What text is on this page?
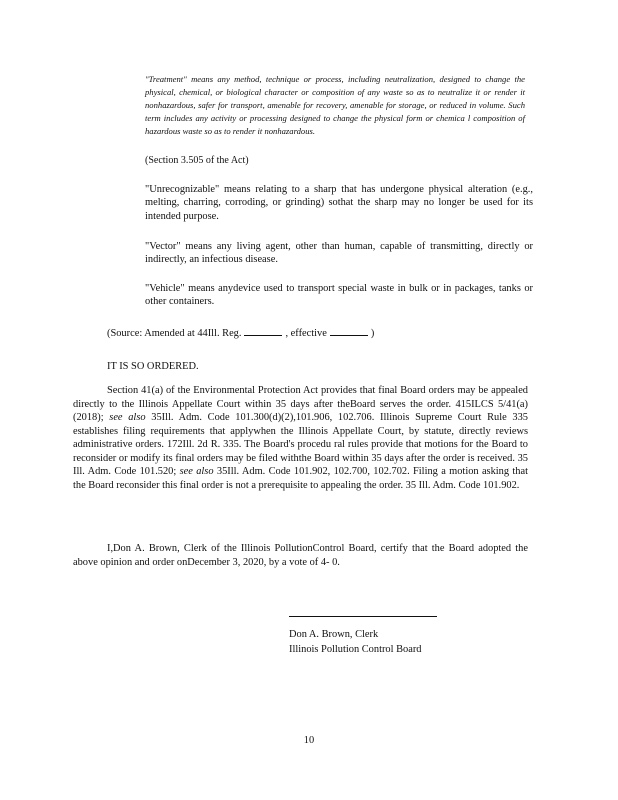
"Treatment" means any method, technique or process, including neutralization, designed to change the physical, chemical, or biological character or composition of any waste so as to neutralize it or render it nonhazardous, safer for transport, amenable for recovery, amenable for storage, or reduced in volume. Such term includes any activity or processing designed to change the physical form or chemica l composition of hazardous waste so as to render it nonhazardous.
(Section 3.505 of the Act)
"Unrecognizable" means relating to a sharp that has undergone physical alteration (e.g., melting, charring, corroding, or grinding) sothat the sharp may no longer be used for its intended purpose.
"Vector" means any living agent, other than human, capable of transmitting, directly or indirectly, an infectious disease.
"Vehicle" means anydevice used to transport special waste in bulk or in packages, tanks or other containers.
(Source: Amended at 44Ill. Reg.	, effective	)
IT IS SO ORDERED.
Section 41(a) of the Environmental Protection Act provides that final Board orders may be appealed directly to the Illinois Appellate Court within 35 days after theBoard serves the order. 415ILCS 5/41(a) (2018); see also 35Ill. Adm. Code 101.300(d)(2),101.906, 102.706. Illinois Supreme Court Rule 335 establishes filing requirements that applywhen the Illinois Appellate Court, by statute, directly reviews administrative orders. 172Ill. 2d R. 335. The Board's procedu ral rules provide that motions for the Board to reconsider or modify its final orders may be filed withthe Board within 35 days after the order is received. 35 Ill. Adm. Code 101.520; see also 35Ill. Adm. Code 101.902, 102.700, 102.702. Filing a motion asking that the Board reconsider this final order is not a prerequisite to appealing the order. 35 Ill. Adm. Code 101.902.
I,Don A. Brown, Clerk of the Illinois PollutionControl Board, certify that the Board adopted the above opinion and order onDecember 3, 2020, by a vote of 4- 0.
Don A. Brown, Clerk
Illinois Pollution Control Board
10
